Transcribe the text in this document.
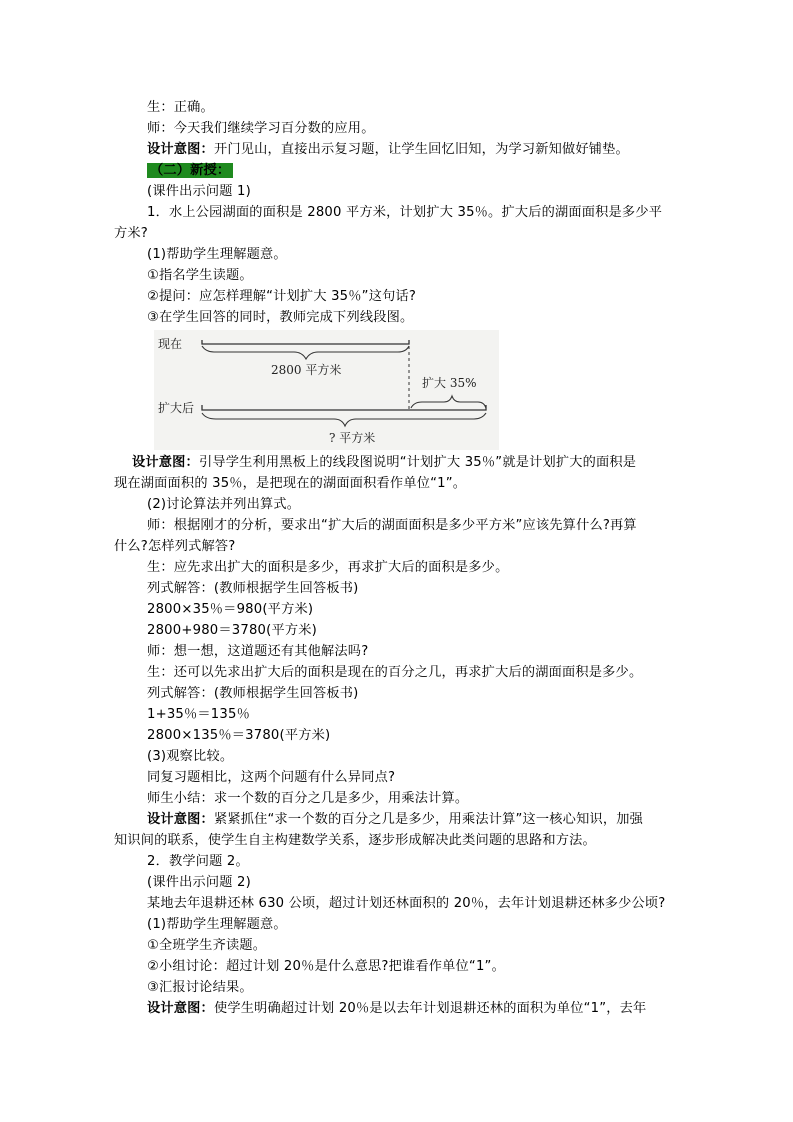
生：正确。
师：今天我们继续学习百分数的应用。
设计意图：开门见山，直接出示复习题，让学生回忆旧知，为学习新知做好铺垫。
（二）新授：
(课件出示问题 1)
1．水上公园湖面的面积是 2800 平方米，计划扩大 35％。扩大后的湖面面积是多少平
方米?
(1)帮助学生理解题意。
①指名学生读题。
②提问：应怎样理解“计划扩大 35％”这句话?
③在学生回答的同时，教师完成下列线段图。
现在
2800 平方米
扩大 35%
扩大后
? 平方米
设计意图：引导学生利用黑板上的线段图说明“计划扩大 35％”就是计划扩大的面积是
现在湖面面积的 35％，是把现在的湖面面积看作单位“1”。
(2)讨论算法并列出算式。
师：根据刚才的分析，要求出“扩大后的湖面面积是多少平方米”应该先算什么?再算
什么?怎样列式解答?
生：应先求出扩大的面积是多少，再求扩大后的面积是多少。
列式解答：(教师根据学生回答板书)
2800×35％＝980(平方米)
2800+980＝3780(平方米)
师：想一想，这道题还有其他解法吗?
生：还可以先求出扩大后的面积是现在的百分之几，再求扩大后的湖面面积是多少。
列式解答：(教师根据学生回答板书)
1+35％＝135％
2800×135％＝3780(平方米)
(3)观察比较。
同复习题相比，这两个问题有什么异同点?
师生小结：求一个数的百分之几是多少，用乘法计算。
设计意图：紧紧抓住“求一个数的百分之几是多少，用乘法计算”这一核心知识，加强
知识间的联系，使学生自主构建数学关系，逐步形成解决此类问题的思路和方法。
2．教学问题 2。
(课件出示问题 2)
某地去年退耕还林 630 公顷，超过计划还林面积的 20％，去年计划退耕还林多少公顷?
(1)帮助学生理解题意。
①全班学生齐读题。
②小组讨论：超过计划 20％是什么意思?把谁看作单位“1”。
③汇报讨论结果。
设计意图：使学生明确超过计划 20％是以去年计划退耕还林的面积为单位“1”，去年
